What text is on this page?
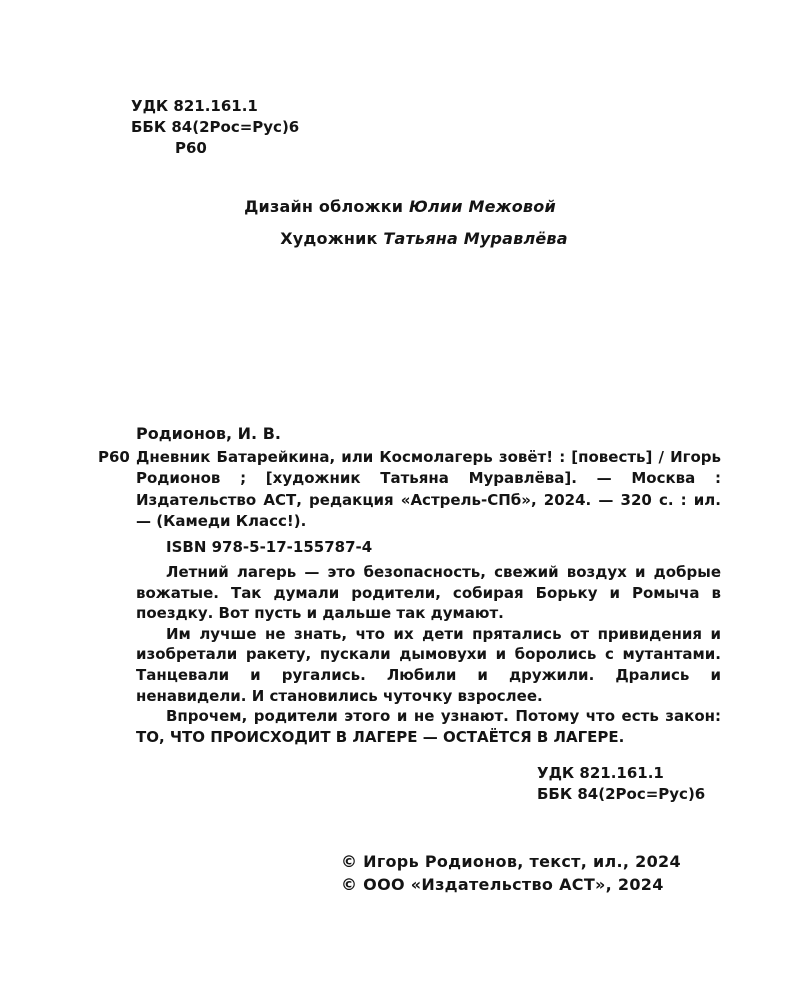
УДК 821.161.1
ББК 84(2Рос=Рус)6
Р60
Дизайн обложки Юлии Межовой
Художник Татьяна Муравлёва
Родионов, И. В.
Р60 Дневник Батарейкина, или Космолагерь зовёт! : [повесть] / Игорь Родионов ; [художник Татьяна Муравлёва]. — Москва : Издательство АСТ, редакция «Астрель-СПб», 2024. — 320 с. : ил. — (Камеди Класс!).
ISBN 978-5-17-155787-4

Летний лагерь — это безопасность, свежий воздух и добрые вожатые. Так думали родители, собирая Борьку и Ромыча в поездку. Вот пусть и дальше так думают.

Им лучше не знать, что их дети прятались от привидения и изобретали ракету, пускали дымовухи и боролись с мутантами. Танцевали и ругались. Любили и дружили. Дрались и ненавидели. И становились чуточку взрослее.

Впрочем, родители этого и не узнают. Потому что есть закон: ТО, ЧТО ПРОИСХОДИТ В ЛАГЕРЕ — ОСТАЁТСЯ В ЛАГЕРЕ.

УДК 821.161.1
ББК 84(2Рос=Рус)6
© Игорь Родионов, текст, ил., 2024
© ООО «Издательство АСТ», 2024
